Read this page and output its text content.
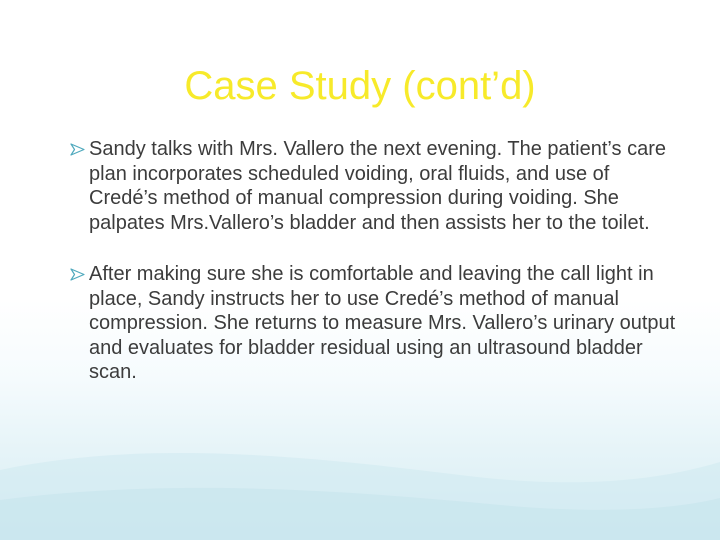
Case Study (cont’d)
Sandy talks with Mrs. Vallero the next evening. The patient’s care plan incorporates scheduled voiding, oral fluids, and use of Credé’s method of manual compression during voiding. She palpates Mrs.Vallero’s bladder and then assists her to the toilet.
After making sure she is comfortable and leaving the call light in place, Sandy instructs her to use Credé’s method of manual compression. She returns to measure Mrs. Vallero’s urinary output and evaluates for bladder residual using an ultrasound bladder scan.
